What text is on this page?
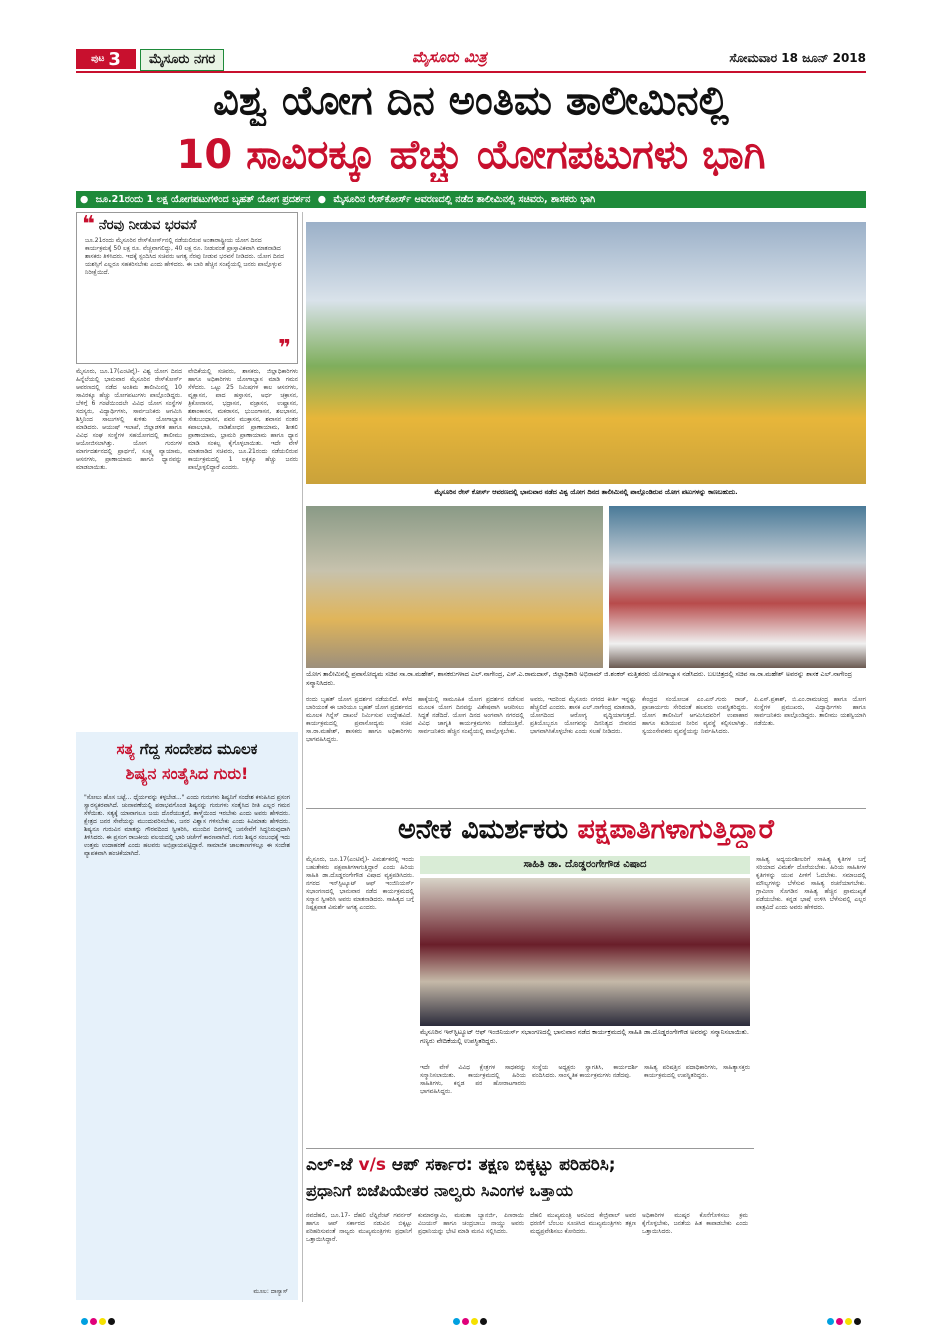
ಪುಟ 3	ಮೈಸೂರು ನಗರ	ಮೈಸೂರು ಮಿತ್ರ	ಸೋಮವಾರ 18 ಜೂನ್ 2018
ವಿಶ್ವ ಯೋಗ ದಿನ ಅಂತಿಮ ತಾಲೀಮಿನಲ್ಲಿ
10 ಸಾವಿರಕ್ಕೂ ಹೆಚ್ಚು ಯೋಗಪಟುಗಳು ಭಾಗಿ
● ಜೂ.21ರಂದು 1 ಲಕ್ಷ ಯೋಗಪಟುಗಳಿಂದ ಬೃಹತ್ ಯೋಗ ಪ್ರದರ್ಶನ ● ಮೈಸೂರಿನ ರೇಸ್‌ಕೋರ್ಸ್ ಆವರಣದಲ್ಲಿ ನಡೆದ ತಾಲೀಮಿನಲ್ಲಿ ಸಚಿವರು, ಶಾಸಕರು ಭಾಗಿ
❝ ನೆರವು ನೀಡುವ ಭರವಸೆ
ಜೂ.21ರಂದು ಮೈಸೂರಿನ ರೇಸ್‌ಕೋರ್ಸ್‌ನಲ್ಲಿ ನಡೆಯಲಿರುವ ಅಂತಾರಾಷ್ಟ್ರೀಯ ಯೋಗ ದಿನದ ಕಾರ್ಯಕ್ರಮಕ್ಕೆ 50 ಲಕ್ಷ ರೂ. ವೆಚ್ಚವಾಗಲಿದ್ದು, 40 ಲಕ್ಷ ರೂ. ನೀಡುವಂತೆ ಪ್ರಾಸ್ತಾವಿಕವಾಗಿ ಮಾತನಾಡಿದ ಶಾಸಕರು ತಿಳಿಸಿದರು. ಇದಕ್ಕೆ ಸ್ಪಂದಿಸಿದ ಸಚಿವರು ಅಗತ್ಯ ನೆರವು ನೀಡುವ ಭರವಸೆ ನೀಡಿದರು. ಯೋಗ ದಿನದ ಯಶಸ್ಸಿಗೆ ಎಲ್ಲರೂ ಸಹಕರಿಸಬೇಕು ಎಂದು ಹೇಳಿದರು. ಈ ಬಾರಿ ಹೆಚ್ಚಿನ ಸಂಖ್ಯೆಯಲ್ಲಿ ಜನರು ಪಾಲ್ಗೊಳ್ಳುವ ನಿರೀಕ್ಷೆಯಿದೆ.
❞
ಮೈಸೂರು, ಜೂ.17(ಎಂಟಿವೈ)- ವಿಶ್ವ ಯೋಗ ದಿನದ ಹಿನ್ನೆಲೆಯಲ್ಲಿ ಭಾನುವಾರ ಮೈಸೂರಿನ ರೇಸ್‌ಕೋರ್ಸ್ ಆವರಣದಲ್ಲಿ ನಡೆದ ಅಂತಿಮ ತಾಲೀಮಿನಲ್ಲಿ 10 ಸಾವಿರಕ್ಕೂ ಹೆಚ್ಚು ಯೋಗಪಟುಗಳು ಪಾಲ್ಗೊಂಡಿದ್ದರು. ಬೆಳಿಗ್ಗೆ 6 ಗಂಟೆಯಿಂದಲೇ ವಿವಿಧ ಯೋಗ ಸಂಸ್ಥೆಗಳ ಸದಸ್ಯರು, ವಿದ್ಯಾರ್ಥಿಗಳು, ಸಾರ್ವಜನಿಕರು ಆಗಮಿಸಿ ಶಿಸ್ತಿನಿಂದ ಸಾಲುಗಳಲ್ಲಿ ಕುಳಿತು ಯೋಗಾಭ್ಯಾಸ ಮಾಡಿದರು. ಆಯುಷ್ ಇಲಾಖೆ, ಜಿಲ್ಲಾಡಳಿತ ಹಾಗೂ ವಿವಿಧ ಸಂಘ ಸಂಸ್ಥೆಗಳ ಸಹಯೋಗದಲ್ಲಿ ತಾಲೀಮು ಆಯೋಜಿಸಲಾಗಿತ್ತು. ಯೋಗ ಗುರುಗಳ ಮಾರ್ಗದರ್ಶನದಲ್ಲಿ ಪ್ರಾರ್ಥನೆ, ಸೂಕ್ಷ್ಮ ವ್ಯಾಯಾಮ, ಆಸನಗಳು, ಪ್ರಾಣಾಯಾಮ ಹಾಗೂ ಧ್ಯಾನವನ್ನು ಮಾಡಲಾಯಿತು.
ವೇದಿಕೆಯಲ್ಲಿ ಸಚಿವರು, ಶಾಸಕರು, ಜಿಲ್ಲಾಧಿಕಾರಿಗಳು ಹಾಗೂ ಅಧಿಕಾರಿಗಳು ಯೋಗಾಭ್ಯಾಸ ಮಾಡಿ ಗಮನ ಸೆಳೆದರು. ಒಟ್ಟು 25 ನಿಮಿಷಗಳ ಕಾಲ ಆಸನಗಳು, ವೃಕ್ಷಾಸನ, ಪಾದ ಹಸ್ತಾಸನ, ಅರ್ಧ ಚಕ್ರಾಸನ, ತ್ರಿಕೋನಾಸನ, ಭದ್ರಾಸನ, ವಜ್ರಾಸನ, ಉಷ್ಟ್ರಾಸನ, ಶಶಾಂಕಾಸನ, ಮಕರಾಸನ, ಭುಜಂಗಾಸನ, ಶಲಭಾಸನ, ಸೇತುಬಂಧಾಸನ, ಪವನ ಮುಕ್ತಾಸನ, ಶವಾಸನ ನಂತರ ಕಪಾಲಭಾತಿ, ನಾಡಿಶೋಧನ ಪ್ರಾಣಾಯಾಮ, ಶೀತಲಿ ಪ್ರಾಣಾಯಾಮ, ಭ್ರಾಮರಿ ಪ್ರಾಣಾಯಾಮ ಹಾಗೂ ಧ್ಯಾನ ಮಾಡಿ ಸಂಕಲ್ಪ ಕೈಗೊಳ್ಳಲಾಯಿತು. ಇದೇ ವೇಳೆ ಮಾತನಾಡಿದ ಸಚಿವರು, ಜೂ.21ರಂದು ನಡೆಯಲಿರುವ ಕಾರ್ಯಕ್ರಮದಲ್ಲಿ 1 ಲಕ್ಷಕ್ಕೂ ಹೆಚ್ಚು ಜನರು ಪಾಲ್ಗೊಳ್ಳಲಿದ್ದಾರೆ ಎಂದರು.
ಮೈಸೂರಿನ ರೇಸ್ ಕೋರ್ಸ್ ಆವರಣದಲ್ಲಿ ಭಾನುವಾರ ನಡೆದ ವಿಶ್ವ ಯೋಗ ದಿನದ ತಾಲೀಮಿನಲ್ಲಿ ಪಾಲ್ಗೊಂಡಿರುವ ಯೋಗ ಪಟುಗಳನ್ನು ಕಾಣಬಹುದು.
ಯೋಗ ತಾಲೀಮಿನಲ್ಲಿ ಪ್ರವಾಸೋದ್ಯಮ ಸಚಿವ ಸಾ.ರಾ.ಮಹೇಶ್, ಶಾಸಕರುಗಳಾದ ಎಲ್.ನಾಗೇಂದ್ರ, ಎಸ್.ಎ.ರಾಮದಾಸ್, ಜಿಲ್ಲಾಧಿಕಾರಿ ಅಭಿರಾಮ್ ಜಿ.ಶಂಕರ್ ಮತ್ತಿತರರು ಯೋಗಾಭ್ಯಾಸ ನಡೆಸಿದರು. ಬಲಚಿತ್ರದಲ್ಲಿ ಸಚಿವ ಸಾ.ರಾ.ಮಹೇಶ್ ಅವರನ್ನು ಶಾಸಕ ಎಲ್.ನಾಗೇಂದ್ರ ಸನ್ಮಾನಿಸಿದರು.
ರಂದು ಬೃಹತ್ ಯೋಗ ಪ್ರದರ್ಶನ ನಡೆಯಲಿದೆ. ಕಳೆದ ಬಾರಿಯಂತೆ ಈ ಬಾರಿಯೂ ಬೃಹತ್ ಯೋಗ ಪ್ರದರ್ಶನದ ಮೂಲಕ ಗಿನ್ನೆಸ್ ದಾಖಲೆ ನಿರ್ಮಿಸುವ ಉದ್ದೇಶವಿದೆ. ಕಾರ್ಯಕ್ರಮದಲ್ಲಿ ಪ್ರವಾಸೋದ್ಯಮ ಸಚಿವ ಸಾ.ರಾ.ಮಹೇಶ್, ಶಾಸಕರು ಹಾಗೂ ಅಧಿಕಾರಿಗಳು ಭಾಗವಹಿಸಿದ್ದರು.
ಹಾಕ್ಕೆಯಲ್ಲಿ ಸಾಮೂಹಿಕ ಯೋಗ ಪ್ರದರ್ಶನ ನಡೆಸುವ ಮೂಲಕ ಯೋಗ ದಿನವನ್ನು ವಿಶೇಷವಾಗಿ ಆಚರಿಸಲು ಸಿದ್ಧತೆ ನಡೆದಿದೆ. ಯೋಗ ದಿನದ ಅಂಗವಾಗಿ ನಗರದಲ್ಲಿ ವಿವಿಧ ಜಾಗೃತಿ ಕಾರ್ಯಕ್ರಮಗಳು ನಡೆಯುತ್ತಿವೆ. ಸಾರ್ವಜನಿಕರು ಹೆಚ್ಚಿನ ಸಂಖ್ಯೆಯಲ್ಲಿ ಪಾಲ್ಗೊಳ್ಳಬೇಕು.
ಅವರು, ಇದರಿಂದ ಮೈಸೂರು ನಗರದ ಕೀರ್ತಿ ಇನ್ನಷ್ಟು ಹೆಚ್ಚಲಿದೆ ಎಂದರು. ಶಾಸಕ ಎಲ್.ನಾಗೇಂದ್ರ ಮಾತನಾಡಿ, ಯೋಗದಿಂದ ಆರೋಗ್ಯ ವೃದ್ಧಿಯಾಗುತ್ತದೆ. ಪ್ರತಿಯೊಬ್ಬರೂ ಯೋಗವನ್ನು ದಿನನಿತ್ಯದ ಜೀವನದ ಭಾಗವಾಗಿಸಿಕೊಳ್ಳಬೇಕು ಎಂದು ಸಲಹೆ ನೀಡಿದರು.
ಕೇಂದ್ರದ ಸಂಯೋಜಕ ಎಂ.ಎನ್.ಗುರು ರಾಜ್, ಪ್ರಾಚಾರ್ಯರು ಸೇರಿದಂತೆ ಹಲವರು ಉಪಸ್ಥಿತರಿದ್ದರು. ಯೋಗ ತಾಲೀಮಿಗೆ ಆಗಮಿಸಿದವರಿಗೆ ಉಪಾಹಾರ ಹಾಗೂ ಕುಡಿಯುವ ನೀರಿನ ವ್ಯವಸ್ಥೆ ಕಲ್ಪಿಸಲಾಗಿತ್ತು. ಸ್ವಯಂಸೇವಕರು ವ್ಯವಸ್ಥೆಯನ್ನು ನಿರ್ವಹಿಸಿದರು.
ಪಿ.ಎಸ್.ಪ್ರಕಾಶ್, ಬಿ.ಎಂ.ರಾಮಚಂದ್ರ ಹಾಗೂ ಯೋಗ ಸಂಸ್ಥೆಗಳ ಪ್ರಮುಖರು, ವಿದ್ಯಾರ್ಥಿಗಳು ಹಾಗೂ ಸಾರ್ವಜನಿಕರು ಪಾಲ್ಗೊಂಡಿದ್ದರು. ತಾಲೀಮು ಯಶಸ್ವಿಯಾಗಿ ನಡೆಯಿತು.
ಸತ್ಯ ಗೆದ್ದ ಸಂದೇಶದ ಮೂಲಕ
ಶಿಷ್ಯನ ಸಂತೈಸಿದ ಗುರು!
"ಸೋಲು ಹೊಸ ಬಟ್ಟೆ... ಧೈರ್ಯವನ್ನು ಕಳ್ಳಬೇಡ..." ಎಂದು ಗುರುಗಳು ಶಿಷ್ಯನಿಗೆ ಸಂದೇಶ ಕಳುಹಿಸಿದ ಪ್ರಸಂಗ ಸ್ವಾರಸ್ಯಕರವಾಗಿದೆ. ಚುನಾವಣೆಯಲ್ಲಿ ಪರಾಭವಗೊಂಡ ಶಿಷ್ಯನನ್ನು ಗುರುಗಳು ಸಂತೈಸಿದ ರೀತಿ ಎಲ್ಲರ ಗಮನ ಸೆಳೆಯಿತು. ಸತ್ಯಕ್ಕೆ ಯಾವಾಗಲೂ ಜಯ ದೊರೆಯುತ್ತದೆ, ತಾಳ್ಮೆಯಿಂದ ಇರಬೇಕು ಎಂದು ಅವರು ಹೇಳಿದರು. ಕ್ಷೇತ್ರದ ಜನರ ಸೇವೆಯನ್ನು ಮುಂದುವರಿಸಬೇಕು, ಜನರ ವಿಶ್ವಾಸ ಗಳಿಸಬೇಕು ಎಂದು ಕಿವಿಮಾತು ಹೇಳಿದರು. ಶಿಷ್ಯನೂ ಗುರುವಿನ ಮಾತನ್ನು ಗೌರವದಿಂದ ಸ್ವೀಕರಿಸಿ, ಮುಂದಿನ ದಿನಗಳಲ್ಲಿ ಜನಸೇವೆಗೆ ಸಿದ್ಧನಿರುವುದಾಗಿ ತಿಳಿಸಿದರು. ಈ ಪ್ರಸಂಗ ರಾಜಕೀಯ ವಲಯದಲ್ಲಿ ಭಾರಿ ಚರ್ಚೆಗೆ ಕಾರಣವಾಗಿದೆ. ಗುರು ಶಿಷ್ಯರ ಸಂಬಂಧಕ್ಕೆ ಇದು ಉತ್ತಮ ಉದಾಹರಣೆ ಎಂದು ಹಲವರು ಅಭಿಪ್ರಾಯಪಟ್ಟಿದ್ದಾರೆ. ಸಾಮಾಜಿಕ ಜಾಲತಾಣಗಳಲ್ಲೂ ಈ ಸಂದೇಶ ವ್ಯಾಪಕವಾಗಿ ಹಂಚಿಕೆಯಾಗಿದೆ.
ಮೂಲ: ದಾಸ್ಯಾಸ್
ಅನೇಕ ವಿಮರ್ಶಕರು ಪಕ್ಷಪಾತಿಗಳಾಗುತ್ತಿದ್ದಾರೆ
ಮೈಸೂರು, ಜೂ.17(ಎಂಟಿವೈ)- ವಿಮರ್ಶಕರಲ್ಲಿ ಇಂದು ಬಹುತೇಕರು ಪಕ್ಷಪಾತಿಗಳಾಗುತ್ತಿದ್ದಾರೆ ಎಂದು ಹಿರಿಯ ಸಾಹಿತಿ ಡಾ.ದೊಡ್ಡರಂಗೇಗೌಡ ವಿಷಾದ ವ್ಯಕ್ತಪಡಿಸಿದರು. ನಗರದ ಇನ್‌ಸ್ಟಿಟ್ಯೂಟ್ ಆಫ್ ಇಂಜಿನಿಯರ್ಸ್ ಸಭಾಂಗಣದಲ್ಲಿ ಭಾನುವಾರ ನಡೆದ ಕಾರ್ಯಕ್ರಮದಲ್ಲಿ ಸನ್ಮಾನ ಸ್ವೀಕರಿಸಿ ಅವರು ಮಾತನಾಡಿದರು. ಸಾಹಿತ್ಯದ ಬಗ್ಗೆ ನಿಷ್ಪಕ್ಷಪಾತ ವಿಮರ್ಶೆ ಅಗತ್ಯ ಎಂದರು.
ಸಾಹಿತಿ ಡಾ. ದೊಡ್ಡರಂಗೇಗೌಡ ವಿಷಾದ
ಮೈಸೂರಿನ ಇನ್‌ಸ್ಟಿಟ್ಯೂಟ್ ಆಫ್ ಇಂಜಿನಿಯರ್ಸ್ ಸಭಾಂಗಣದಲ್ಲಿ ಭಾನುವಾರ ನಡೆದ ಕಾರ್ಯಕ್ರಮದಲ್ಲಿ ಸಾಹಿತಿ ಡಾ.ದೊಡ್ಡರಂಗೇಗೌಡ ಅವರನ್ನು ಸನ್ಮಾನಿಸಲಾಯಿತು. ಗಣ್ಯರು ವೇದಿಕೆಯಲ್ಲಿ ಉಪಸ್ಥಿತರಿದ್ದರು.
ಸಾಹಿತ್ಯ ಅಧ್ಯಯನಶೀಲರಿಗೆ ಸಾಹಿತ್ಯ ಕೃತಿಗಳ ಬಗ್ಗೆ ಸರಿಯಾದ ವಿಮರ್ಶೆ ದೊರೆಯಬೇಕು. ಹಿರಿಯ ಸಾಹಿತಿಗಳ ಕೃತಿಗಳನ್ನು ಯುವ ಪೀಳಿಗೆ ಓದಬೇಕು. ಸಮಾಜದಲ್ಲಿ ಮೌಲ್ಯಗಳನ್ನು ಬೆಳೆಸುವ ಸಾಹಿತ್ಯ ರಚನೆಯಾಗಬೇಕು. ಗ್ರಾಮೀಣ ಸೊಗಡಿನ ಸಾಹಿತ್ಯ ಹೆಚ್ಚಿನ ಪ್ರಾಮುಖ್ಯತೆ ಪಡೆಯಬೇಕು. ಕನ್ನಡ ಭಾಷೆ ಉಳಿಸಿ ಬೆಳೆಸುವಲ್ಲಿ ಎಲ್ಲರ ಪಾತ್ರವಿದೆ ಎಂದು ಅವರು ಹೇಳಿದರು.
ಇದೇ ವೇಳೆ ವಿವಿಧ ಕ್ಷೇತ್ರಗಳ ಸಾಧಕರನ್ನು ಸನ್ಮಾನಿಸಲಾಯಿತು. ಕಾರ್ಯಕ್ರಮದಲ್ಲಿ ಹಿರಿಯ ಸಾಹಿತಿಗಳು, ಕನ್ನಡ ಪರ ಹೋರಾಟಗಾರರು ಭಾಗವಹಿಸಿದ್ದರು.
ಸಂಸ್ಥೆಯ ಅಧ್ಯಕ್ಷರು ಸ್ವಾಗತಿಸಿ, ಕಾರ್ಯದರ್ಶಿ ವಂದಿಸಿದರು. ಸಾಂಸ್ಕೃತಿಕ ಕಾರ್ಯಕ್ರಮಗಳು ನಡೆದವು.
ಸಾಹಿತ್ಯ ಪರಿಷತ್ತಿನ ಪದಾಧಿಕಾರಿಗಳು, ಸಾಹಿತ್ಯಾಸಕ್ತರು ಕಾರ್ಯಕ್ರಮದಲ್ಲಿ ಉಪಸ್ಥಿತರಿದ್ದರು.
ಎಲ್-ಜೆ v/s ಆಪ್ ಸರ್ಕಾರ: ತಕ್ಷಣ ಬಿಕ್ಕಟ್ಟು ಪರಿಹರಿಸಿ;
ಪ್ರಧಾನಿಗೆ ಬಿಜೆಪಿಯೇತರ ನಾಲ್ವರು ಸಿಎಂಗಳ ಒತ್ತಾಯ
ನವದೆಹಲಿ, ಜೂ.17- ದೆಹಲಿ ಲೆಫ್ಟಿನೆಂಟ್ ಗವರ್ನರ್ ಹಾಗೂ ಆಪ್ ಸರ್ಕಾರದ ನಡುವಿನ ಬಿಕ್ಕಟ್ಟು ಪರಿಹರಿಸುವಂತೆ ನಾಲ್ವರು ಮುಖ್ಯಮಂತ್ರಿಗಳು ಪ್ರಧಾನಿಗೆ ಒತ್ತಾಯಿಸಿದ್ದಾರೆ.
ಕುಮಾರಸ್ವಾಮಿ, ಮಮತಾ ಬ್ಯಾನರ್ಜಿ, ಪಿಣರಾಯಿ ವಿಜಯನ್ ಹಾಗೂ ಚಂದ್ರಬಾಬು ನಾಯ್ಡು ಅವರು ಪ್ರಧಾನಿಯನ್ನು ಭೇಟಿ ಮಾಡಿ ಮನವಿ ಸಲ್ಲಿಸಿದರು.
ದೆಹಲಿ ಮುಖ್ಯಮಂತ್ರಿ ಅರವಿಂದ ಕೇಜ್ರಿವಾಲ್ ಅವರ ಧರಣಿಗೆ ಬೆಂಬಲ ಸೂಚಿಸಿದ ಮುಖ್ಯಮಂತ್ರಿಗಳು ತಕ್ಷಣ ಮಧ್ಯಪ್ರವೇಶಿಸಲು ಕೋರಿದರು.
ಅಧಿಕಾರಿಗಳ ಮುಷ್ಕರ ಕೊನೆಗೊಳಿಸಲು ಕ್ರಮ ಕೈಗೊಳ್ಳಬೇಕು, ಜನತೆಯ ಹಿತ ಕಾಪಾಡಬೇಕು ಎಂದು ಒತ್ತಾಯಿಸಿದರು.
